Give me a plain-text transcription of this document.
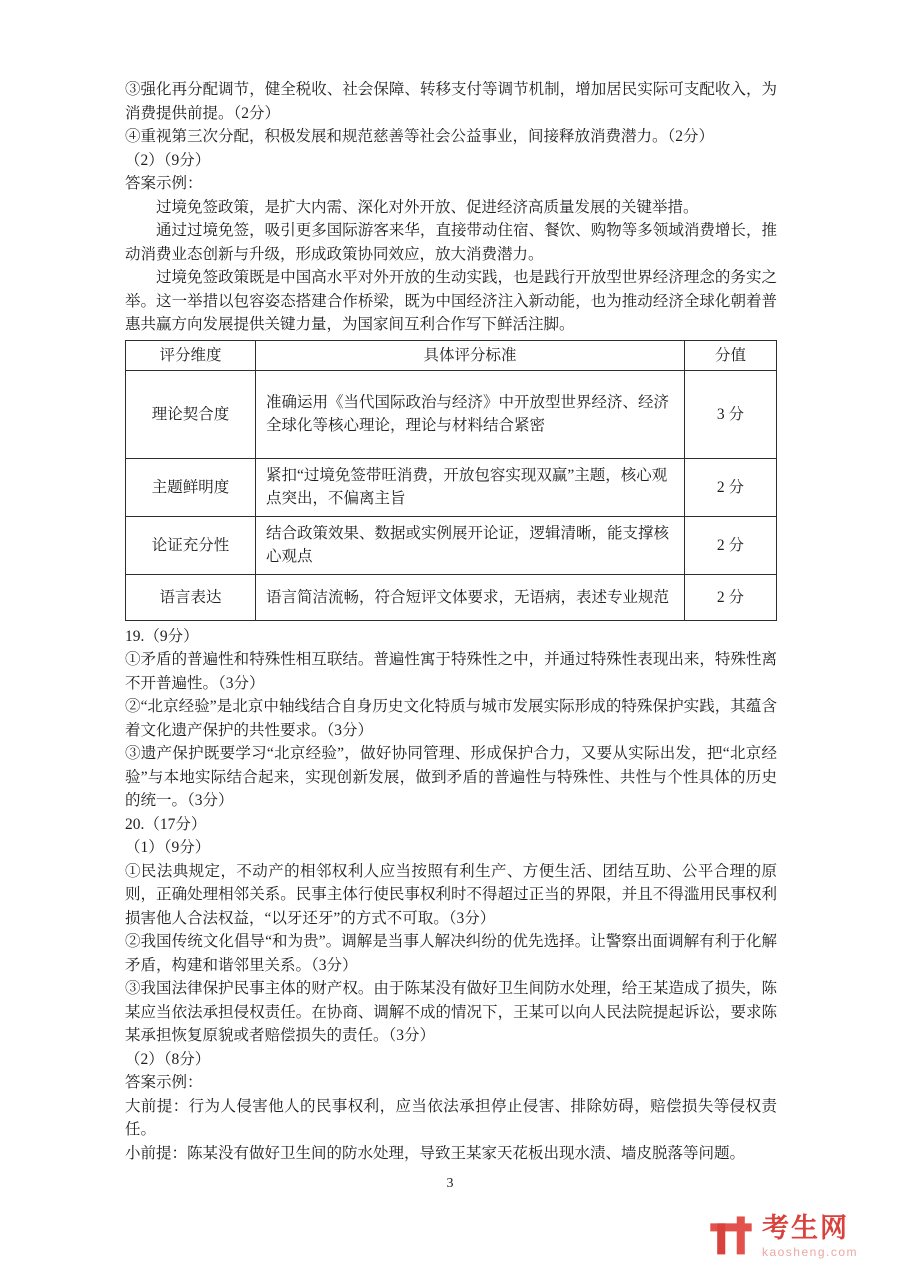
③强化再分配调节，健全税收、社会保障、转移支付等调节机制，增加居民实际可支配收入，为消费提供前提。（2分）

④重视第三次分配，积极发展和规范慈善等社会公益事业，间接释放消费潜力。（2分）

（2）（9分）

答案示例：

过境免签政策，是扩大内需、深化对外开放、促进经济高质量发展的关键举措。

通过过境免签，吸引更多国际游客来华，直接带动住宿、餐饮、购物等多领域消费增长，推动消费业态创新与升级，形成政策协同效应，放大消费潜力。

过境免签政策既是中国高水平对外开放的生动实践，也是践行开放型世界经济理念的务实之举。这一举措以包容姿态搭建合作桥梁，既为中国经济注入新动能，也为推动经济全球化朝着普惠共赢方向发展提供关键力量，为国家间互利合作写下鲜活注脚。

评分维度	具体评分标准	分值
理论契合度	准确运用《当代国际政治与经济》中开放型世界经济、经济全球化等核心理论，理论与材料结合紧密	3 分
主题鲜明度	紧扣“过境免签带旺消费，开放包容实现双赢”主题，核心观点突出，不偏离主旨	2 分
论证充分性	结合政策效果、数据或实例展开论证，逻辑清晰，能支撑核心观点	2 分
语言表达	语言简洁流畅，符合短评文体要求，无语病，表述专业规范	2 分

19.（9分）

①矛盾的普遍性和特殊性相互联结。普遍性寓于特殊性之中，并通过特殊性表现出来，特殊性离不开普遍性。（3分）

②“北京经验”是北京中轴线结合自身历史文化特质与城市发展实际形成的特殊保护实践，其蕴含着文化遗产保护的共性要求。（3分）

③遗产保护既要学习“北京经验”，做好协同管理、形成保护合力，又要从实际出发，把“北京经验”与本地实际结合起来，实现创新发展，做到矛盾的普遍性与特殊性、共性与个性具体的历史的统一。（3分）

20.（17分）

（1）（9分）

①民法典规定，不动产的相邻权利人应当按照有利生产、方便生活、团结互助、公平合理的原则，正确处理相邻关系。民事主体行使民事权利时不得超过正当的界限，并且不得滥用民事权利损害他人合法权益，“以牙还牙”的方式不可取。（3分）

②我国传统文化倡导“和为贵”。调解是当事人解决纠纷的优先选择。让警察出面调解有利于化解矛盾，构建和谐邻里关系。（3分）

③我国法律保护民事主体的财产权。由于陈某没有做好卫生间防水处理，给王某造成了损失，陈某应当依法承担侵权责任。在协商、调解不成的情况下，王某可以向人民法院提起诉讼，要求陈某承担恢复原貌或者赔偿损失的责任。（3分）

（2）（8分）

答案示例：

大前提：行为人侵害他人的民事权利，应当依法承担停止侵害、排除妨碍，赔偿损失等侵权责任。

小前提：陈某没有做好卫生间的防水处理，导致王某家天花板出现水渍、墙皮脱落等问题。

3
考生网
kaosheng.com
